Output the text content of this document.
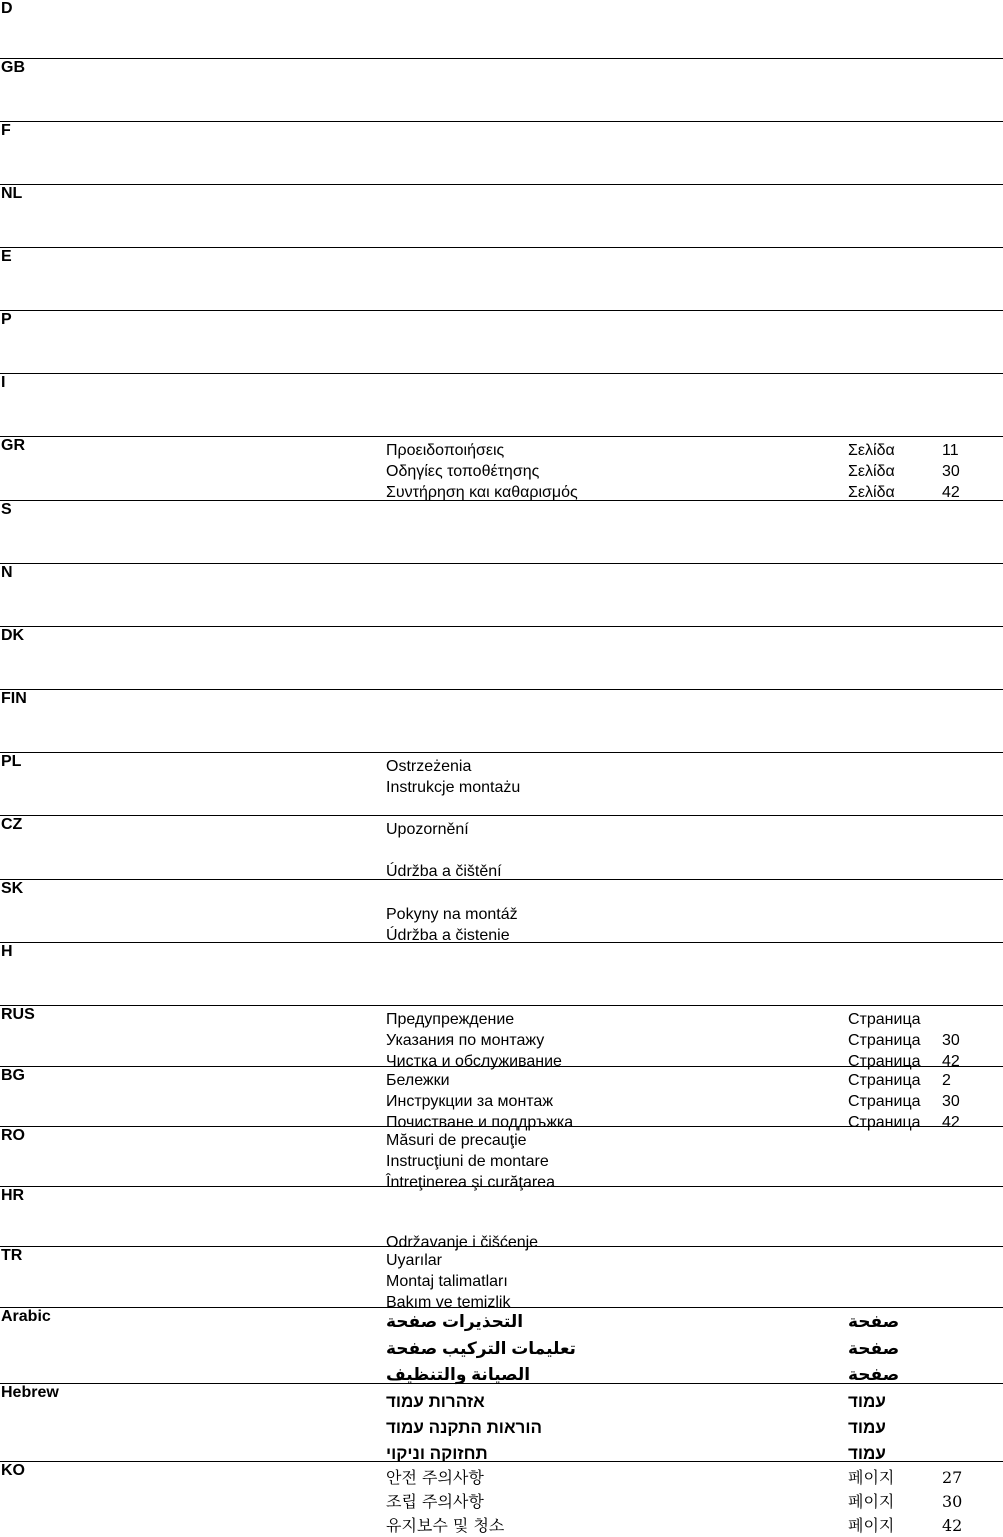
D
GB
F
NL
E
P
I
GR	Προειδοποιήσεις	Σελίδα	11
Οδηγίες τοποθέτησης	Σελίδα	30
Συντήρηση και καθαρισμός	Σελίδα	42
S
N
DK
FIN
PL	Ostrzeżenia
Instrukcje montażu
CZ	Upozornění
Údržba a čištění
SK
Pokyny na montáž
Údržba a čistenie
H
RUS	Предупреждение	Страница
Указания по монтажу	Страница 30
Чистка и обслуживание	Страница 42
BG	Бележки	Страница 2
Инструкции за монтаж	Страница 30
Почистване и поддръжка	Страница 42
RO	Măsuri de precauţie
Instrucţiuni de montare
Întreţinerea şi curăţarea
HR
Održavanje i čišćenje
TR	Uyarılar
Montaj talimatları
Bakım ve temizlik
Arabic	التحذيرات صفحة	صفحة
تعليمات التركيب صفحة	صفحة
الصيانة والتنظيف	صفحة
Hebrew	אזהרות עמוד	עמוד
הוראות התקנה עמוד	עמוד
תחזוקה וניקוי	עמוד
KO	안전 주의사항	페이지	27
조립 주의사항	페이지	30
유지보수 및 청소	페이지	42
